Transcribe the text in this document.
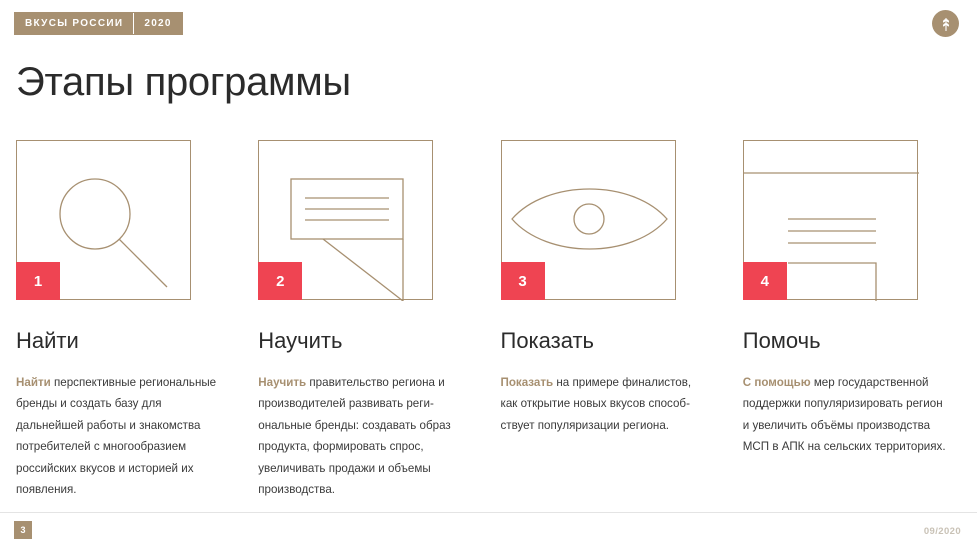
ВКУСЫ РОССИИ	2020
Этапы программы
1
Найти

Найти перспективные региональные бренды и создать базу для дальнейшей работы и знакомства потребителей с многообразием российских вкусов и историей их появления.

2
Научить

Научить правительство региона и производителей развивать региональные бренды: создавать образ продукта, формировать спрос, увеличивать продажи и объемы производства.

3
Показать

Показать на примере финалистов, как открытие новых вкусов способствует популяризации региона.

4
Помочь

С помощью мер государственной поддержки популяризировать регион и увеличить объёмы производства МСП в АПК на сельских территориях.

3	09/2020
